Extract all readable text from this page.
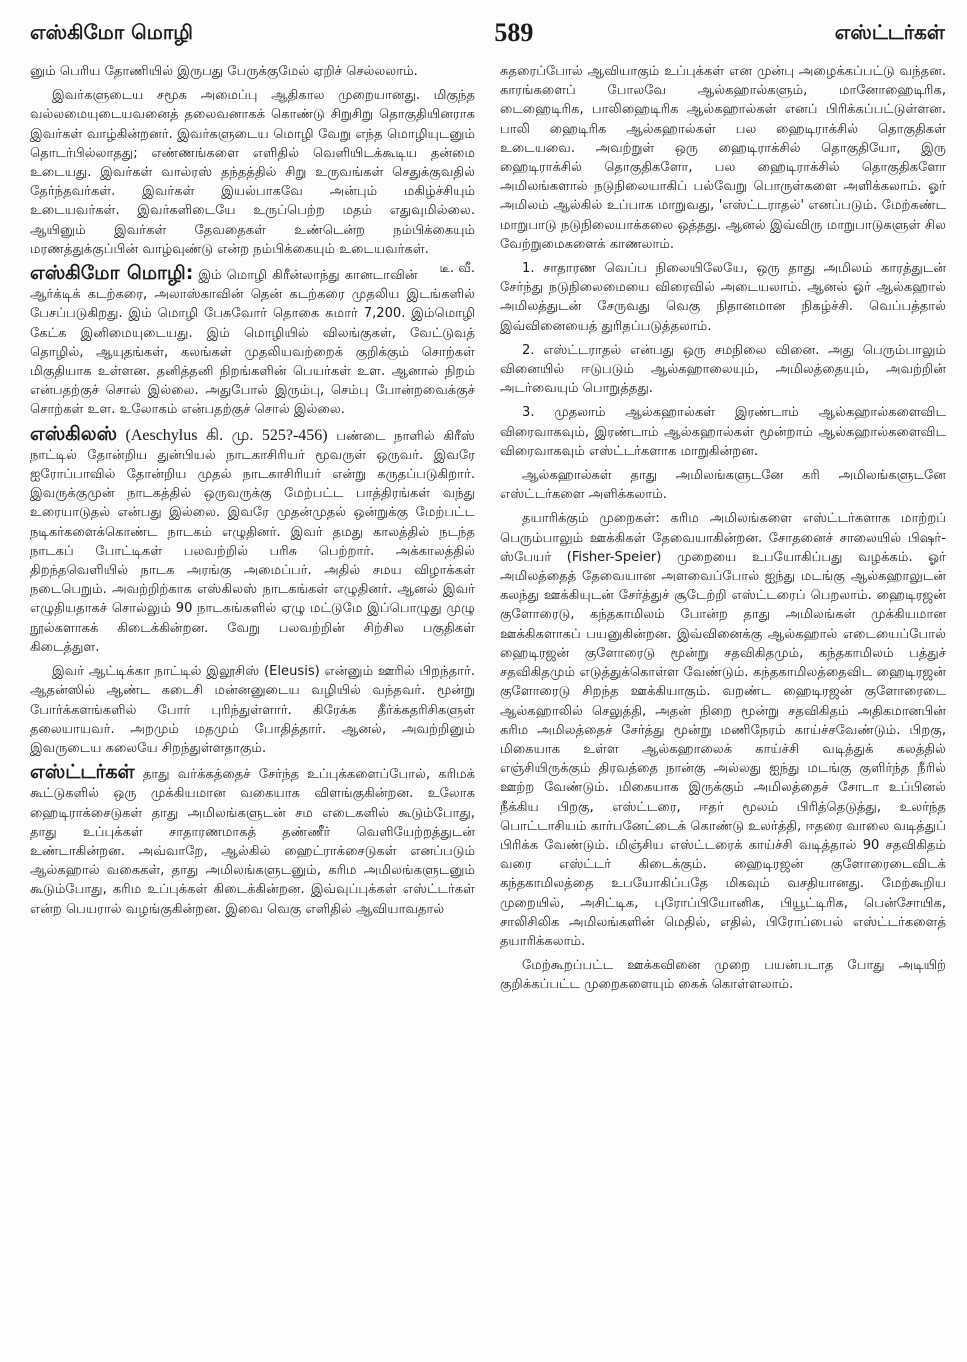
எஸ்கிமோ மொழி	589	எஸ்ட்டர்கள்

னும் பெரிய தோணியில் இருபது பேருக்குமேல் ஏறிச் செல்லலாம்.

இவர்களுடைய சமூக அமைப்பு ஆதிகால முறையானது. மிகுந்த வல்லமையுடையவனைத் தலைவனாகக் கொண்டு சிறுசிறு தொகுதியினராக இவர்கள் வாழ்கின்றனர். இவர்களுடைய மொழி வேறு எந்த மொழியுடனும் தொடர்பில்லாதது; எண்ணங்களை எளிதில் வெளியிடக்கூடிய தன்மை உடையது. இவர்கள் வால்ரஸ் தந்தத்தில் சிறு உருவங்கள் செதுக்குவதில் தேர்ந்தவர்கள். இவர்கள் இயல்பாகவே அன்பும் மகிழ்ச்சியும் உடையவர்கள். இவர்களிடையே உருப்பெற்ற மதம் எதுவுமில்லை. ஆயினும் இவர்கள் தேவதைகள் உண்டென்ற நம்பிக்கையும் மரணத்துக்குப்பின் வாழ்வுண்டு என்ற நம்பிக்கையும் உடையவர்கள்.
டீ. வீ.

எஸ்கிமோ மொழி: இம் மொழி கிரீன்லாந்து கானடாவின் ஆர்க்டிக் கடற்கரை, அலாஸ்காவின் தென் கடற்கரை முதலிய இடங்களில் பேசப்படுகிறது. இம் மொழி பேசுவோர் தொகை சுமார் 7,200. இம்மொழி கேட்க இனிமையுடையது. இம் மொழியில் விலங்குகள், வேட்டுவத் தொழில், ஆயுதங்கள், கலங்கள் முதலியவற்றைக் குறிக்கும் சொற்கள் மிகுதியாக உள்ளன. தனித்தனி நிறங்களின் பெயர்கள் உள. ஆனால் நிறம் என்பதற்குச் சொல் இல்லை. அதுபோல் இரும்பு, செம்பு போன்றவைக்குச் சொற்கள் உள. உலோகம் என்பதற்குச் சொல் இல்லை.

எஸ்கிலஸ் (Aeschylus கி. மு. 525?-456) பண்டை நாளில் கிரீஸ் நாட்டில் தோன்றிய துன்பியல் நாடகாசிரியர் மூவருள் ஒருவர். இவரே ஐரோப்பாவில் தோன்றிய முதல் நாடகாசிரியர் என்று கருதப்படுகிறார். இவருக்குமுன் நாடகத்தில் ஒருவருக்கு மேற்பட்ட பாத்திரங்கள் வந்து உரையாடுதல் என்பது இல்லை. இவரே முதன்முதல் ஒன்றுக்கு மேற்பட்ட நடிகர்களைக்கொண்ட நாடகம் எழுதினர். இவர் தமது காலத்தில் நடந்த நாடகப் போட்டிகள் பலவற்றில் பரிசு பெற்றார். அக்காலத்தில் திறந்தவெளியில் நாடக அரங்கு அமைப்பர். அதில் சமய விழாக்கள் நடைபெறும். அவற்றிற்காக எஸ்கிலஸ் நாடகங்கள் எழுதினர். ஆனல் இவர் எழுதியதாகச் சொல்லும் 90 நாடகங்களில் ஏழு மட்டுமே இப்பொழுது முழு நூல்களாகக் கிடைக்கின்றன. வேறு பலவற்றின் சிற்சில பகுதிகள் கிடைத்துள.

இவர் ஆட்டிக்கா நாட்டில் இலூசிஸ் (Eleusis) என்னும் ஊரில் பிறந்தார். ஆதன்ஸில் ஆண்ட கடைசி மன்னனுடைய வழியில் வந்தவர். மூன்று போர்க்களங்களில் போர் புரிந்துள்ளார். கிரேக்க தீர்க்கதரிசிகளுள் தலையாயவர். அறமும் மதமும் போதித்தார். ஆனல், அவற்றினும் இவருடைய கலையே சிறந்துள்ளதாகும்.

எஸ்ட்டர்கள் தாது வர்க்கத்தைச் சேர்ந்த உப்புக்களைப்போல், கரிமக் கூட்டுகளில் ஒரு முக்கியமான வகையாக விளங்குகின்றன. உலோக ஹைடிராக்சைடுகள் தாது அமிலங்களுடன் சம எடைகளில் கூடும்போது, தாது உப்புக்கள் சாதாரணமாகத் தண்ணீர் வெளியேற்றத்துடன் உண்டாகின்றன. அவ்வாறே, ஆல்கில் ஹைட்ராக்சைடுகள் எனப்படும் ஆல்கஹால் வகைகள், தாது அமிலங்களுடனும், கரிம அமிலங்களுடனும் கூடும்போது, கரிம உப்புக்கள் கிடைக்கின்றன. இவ்வுப்புக்கள் எஸ்ட்டர்கள் என்ற பெயரால் வழங்குகின்றன. இவை வெகு எளிதில் ஆவியாவதால்

சுதரைப்போல் ஆவியாகும் உப்புக்கள் என முன்பு அழைக்கப்பட்டு வந்தன. காரங்களைப் போலவே ஆல்கஹால்களும், மானோஹைடிரிக, டைஹைடிரிக, பாலிஹைடிரிக ஆல்கஹால்கள் எனப் பிரிக்கப்பட்டுள்ளன. பாலி ஹைடிரிக ஆல்கஹால்கள் பல ஹைடிராக்சில் தொகுதிகள் உடையவை. அவற்றுள் ஒரு ஹைடிராக்சில் தொகுதியோ, இரு ஹைடிராக்சில் தொகுதிகளோ, பல ஹைடிராக்சில் தொகுதிகளோ அமிலங்களால் நடுநிலையாகிப் பல்வேறு பொருள்களை அளிக்கலாம். ஓர் அமிலம் ஆல்கில் உப்பாக மாறுவது, 'எஸ்ட்டராதல்' எனப்படும். மேற்கண்ட மாறுபாடு நடுநிலையாக்கலை ஒத்தது. ஆனல் இவ்விரு மாறுபாடுகளுள் சில வேற்றுமைகளைக் காணலாம்.

1. சாதாரண வெப்ப நிலையிலேயே, ஒரு தாது அமிலம் காரத்துடன் சேர்ந்து நடுநிலைமையை விரைவில் அடையலாம். ஆனல் ஓர் ஆல்கஹால் அமிலத்துடன் சேருவது வெகு நிதானமான நிகழ்ச்சி. வெப்பத்தால் இவ்வினையைத் துரிதப்படுத்தலாம்.

2. எஸ்ட்டராதல் என்பது ஒரு சமநிலை வினை. அது பெரும்பாலும் வினையில் ஈடுபடும் ஆல்கஹாலையும், அமிலத்தையும், அவற்றின் அடர்வையும் பொறுத்தது.

3. முதலாம் ஆல்கஹால்கள் இரண்டாம் ஆல்கஹால்களைவிட விரைவாகவும், இரண்டாம் ஆல்கஹால்கள் மூன்றாம் ஆல்கஹால்களைவிட விரைவாகவும் எஸ்ட்டர்களாக மாறுகின்றன.

ஆல்கஹால்கள் தாது அமிலங்களுடனே கரி அமிலங்களுடனே எஸ்ட்டர்களை அளிக்கலாம்.

தயாரிக்கும் முறைகள்: கரிம அமிலங்களை எஸ்ட்டர்களாக மாற்றப் பெரும்பாலும் ஊக்கிகள் தேவையாகின்றன. சோதனைச் சாலையில் பிஷர்-ஸ்பேயர் (Fisher-Speier) முறையை உபயோகிப்பது வழக்கம். ஓர் அமிலத்தைத் தேவையான அளவைப்போல் ஐந்து மடங்கு ஆல்கஹாலுடன் கலந்து ஊக்கியுடன் சேர்த்துச் சூடேற்றி எஸ்ட்டரைப் பெறலாம். ஹைடிரஜன் குளோரைடு, கந்தகாமிலம் போன்ற தாது அமிலங்கள் முக்கியமான ஊக்கிகளாகப் பயனுகின்றன. இவ்வினைக்கு ஆல்கஹால் எடையைப்போல் ஹைடிரஜன் குளோரைடு மூன்று சதவிகிதமும், கந்தகாமிலம் பத்துச் சதவிகிதமும் எடுத்துக்கொள்ள வேண்டும். கந்தகாமிலத்தைவிட ஹைடிரஜன் குளோரைடு சிறந்த ஊக்கியாகும். வறண்ட ஹைடிரஜன் குளோரைடை ஆல்கஹாலில் செலுத்தி, அதன் நிறை மூன்று சதவிகிதம் அதிகமானபின் கரிம அமிலத்தைச் சேர்த்து மூன்று மணிநேரம் காய்ச்சவேண்டும். பிறகு, மிகையாக உள்ள ஆல்கஹாலைக் காய்ச்சி வடித்துக் கலத்தில் எஞ்சியிருக்கும் திரவத்தை நான்கு அல்லது ஐந்து மடங்கு குளிர்ந்த நீரில் ஊற்ற வேண்டும். மிகையாக இருக்கும் அமிலத்தைச் சோடா உப்பினல் நீக்கிய பிறகு, எஸ்ட்டரை, ஈதர் மூலம் பிரித்தெடுத்து, உலர்ந்த பொட்டாசியம் கார்பனேட்டைக் கொண்டு உலர்த்தி, ஈதரை வாலை வடித்துப் பிரிக்க வேண்டும். மிஞ்சிய எஸ்ட்டரைக் காய்ச்சி வடித்தால் 90 சதவிகிதம் வரை எஸ்ட்டர் கிடைக்கும். ஹைடிரஜன் குளோரைடைவிடக் கந்தகாமிலத்தை உபயோகிப்பதே மிகவும் வசதியானது. மேற்கூறிய முறையில், அசிட்டிக, புரோப்பியோனிக, பியூட்டிரிக, பென்சோயிக, சாலிசிலிக அமிலங்களின் மெதில், எதில், பிரோப்பைல் எஸ்ட்டர்களைத் தயாரிக்கலாம்.

மேற்கூறப்பட்ட ஊக்கவினை முறை பயன்படாத போது அடியிற் குறிக்கப்பட்ட முறைகளையும் கைக் கொள்ளலாம்.
